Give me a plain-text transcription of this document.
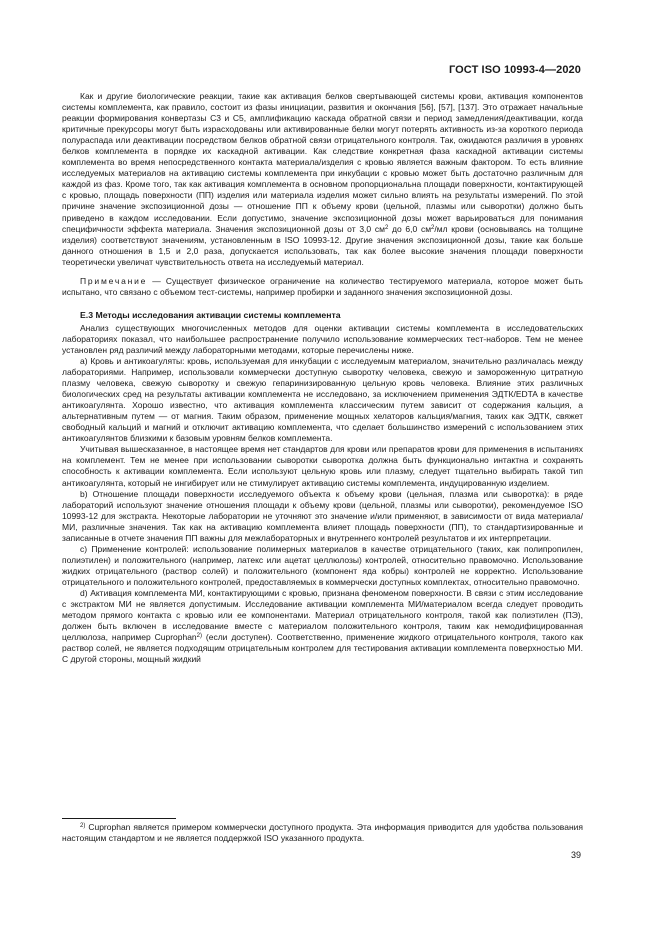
ГОСТ ISO 10993-4—2020

Как и другие биологические реакции, такие как активация белков свертывающей системы крови, активация компонентов системы комплемента, как правило, состоит из фазы инициации, развития и окончания [56], [57], [137]. Это отражает начальные реакции формирования конвертазы С3 и С5, амплификацию каскада обратной связи и период замедления/деактивации, когда критичные прекурсоры могут быть израсходованы или активированные белки могут потерять активность из-за короткого периода полураспада или деактивации посредством белков обратной связи отрицательного контроля. Так, ожидаются различия в уровнях белков комплемента в порядке их каскадной активации. Как следствие конкретная фаза каскадной активации системы комплемента во время непосредственного контакта материала/изделия с кровью является важным фактором. То есть влияние исследуемых материалов на активацию системы комплемента при инкубации с кровью может быть достаточно различным для каждой из фаз. Кроме того, так как активация комплемента в основном пропорциональна площади поверхности, контактирующей с кровью, площадь поверхности (ПП) изделия или материала изделия может сильно влиять на результаты измерений. По этой причине значение экспозиционной дозы — отношение ПП к объему крови (цельной, плазмы или сыворотки) должно быть приведено в каждом исследовании. Если допустимо, значение экспозиционной дозы может варьироваться для понимания специфичности эффекта материала. Значения экспозиционной дозы от 3,0 $см^2$ до 6,0 $см^2/мл$ крови (основываясь на толщине изделия) соответствуют значениям, установленным в ISO 10993-12. Другие значения экспозиционной дозы, такие как больше данного отношения в 1,5 и 2,0 раза, допускается использовать, так как более высокие значения площади поверхности теоретически увеличат чувствительность ответа на исследуемый материал.

Примечание — Существует физическое ограничение на количество тестируемого материала, которое может быть испытано, что связано с объемом тест-системы, например пробирки и заданного значения экспозиционной дозы.

Е.3 Методы исследования активации системы комплемента

Анализ существующих многочисленных методов для оценки активации системы комплемента в исследовательских лабораториях показал, что наибольшее распространение получило использование коммерческих тест-наборов. Тем не менее установлен ряд различий между лабораторными методами, которые перечислены ниже.

а) Кровь и антикоагуляты: кровь, используемая для инкубации с исследуемым материалом, значительно различалась между лабораториями. Например, использовали коммерчески доступную сыворотку человека, свежую и замороженную цитратную плазму человека, свежую сыворотку и свежую гепаринизированную цельную кровь человека. Влияние этих различных биологических сред на результаты активации комплемента не исследовано, за исключением применения ЭДТК/EDTA в качестве антикоагулянта. Хорошо известно, что активация комплемента классическим путем зависит от содержания кальция, а альтернативным путем — от магния. Таким образом, применение мощных хелаторов кальция/магния, таких как ЭДТК, свяжет свободный кальций и магний и отключит активацию комплемента, что сделает большинство измерений с использованием этих антикоагулянтов близкими к базовым уровням белков комплемента.

Учитывая вышесказанное, в настоящее время нет стандартов для крови или препаратов крови для применения в испытаниях на комплемент. Тем не менее при использовании сыворотки сыворотка должна быть функционально интактна и сохранять способность к активации комплемента. Если используют цельную кровь или плазму, следует тщательно выбирать такой тип антикоагулянта, который не ингибирует или не стимулирует активацию системы комплемента, индуцированную изделием.

b) Отношение площади поверхности исследуемого объекта к объему крови (цельная, плазма или сыворотка): в ряде лабораторий используют значение отношения площади к объему крови (цельной, плазмы или сыворотки), рекомендуемое ISO 10993-12 для экстракта. Некоторые лаборатории не уточняют это значение и/или применяют, в зависимости от вида материала/МИ, различные значения. Так как на активацию комплемента влияет площадь поверхности (ПП), то стандартизированные и записанные в отчете значения ПП важны для межлабораторных и внутреннего контролей результатов и их интерпретации.

с) Применение контролей: использование полимерных материалов в качестве отрицательного (таких, как полипропилен, полиэтилен) и положительного (например, латекс или ацетат целлюлозы) контролей, относительно правомочно. Использование жидких отрицательного (раствор солей) и положительного (компонент яда кобры) контролей не корректно. Использование отрицательного и положительного контролей, предоставляемых в коммерчески доступных комплектах, относительно правомочно.

d) Активация комплемента МИ, контактирующими с кровью, признана феноменом поверхности. В связи с этим исследование с экстрактом МИ не является допустимым. Исследование активации комплемента МИ/материалом всегда следует проводить методом прямого контакта с кровью или ее компонентами. Материал отрицательного контроля, такой как полиэтилен (ПЭ), должен быть включен в исследование вместе с материалом положительного контроля, таким как немодифицированная целлюлоза, например Cuprophan$^{2)}$ (если доступен). Соответственно, применение жидкого отрицательного контроля, такого как раствор солей, не является подходящим отрицательным контролем для тестирования активации комплемента поверхностью МИ. С другой стороны, мощный жидкий

$^{2)}$ Cuprophan является примером коммерчески доступного продукта. Эта информация приводится для удобства пользования настоящим стандартом и не является поддержкой ISO указанного продукта.

39
